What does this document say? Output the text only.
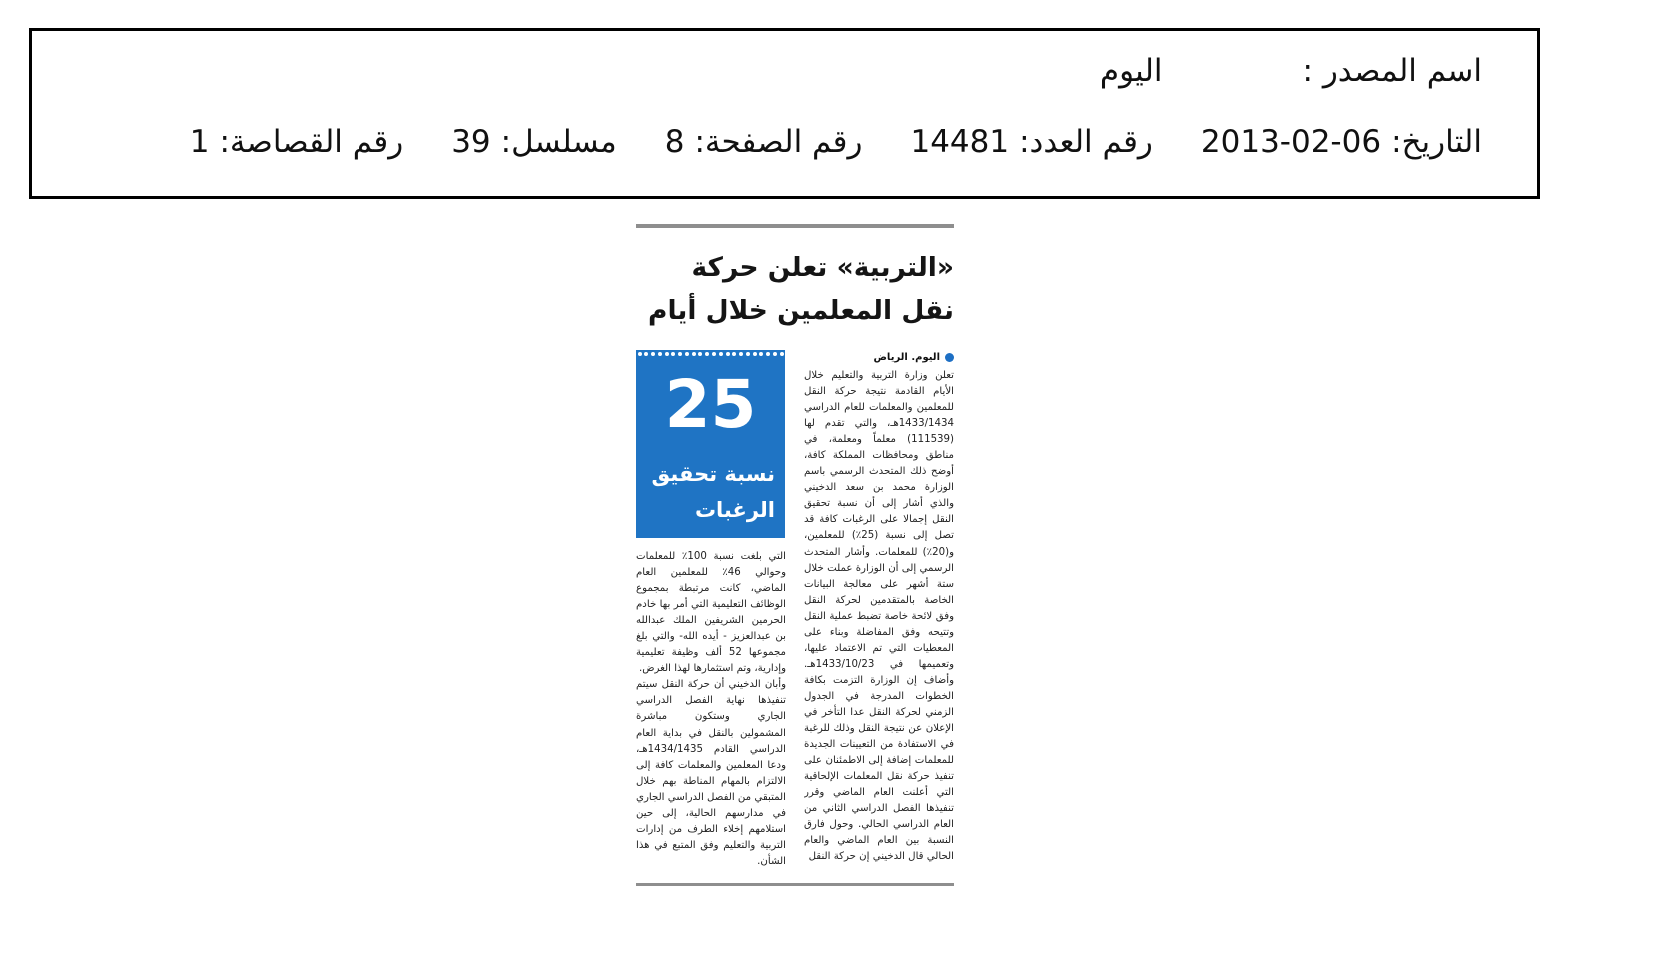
اسم المصدر :
اليوم
التاريخ:
2013-02-06
رقم العدد:
14481
رقم الصفحة:
8
مسلسل:
39
رقم القصاصة:
1
«التربية» تعلن حركة نقل المعلمين خلال أيام
اليوم. الرياض

تعلن وزارة التربية والتعليم خلال الأيام القادمة نتيجة حركة النقل للمعلمين والمعلمات للعام الدراسي 1433/1434هـ، والتي تقدم لها (111539) معلماً ومعلمة، في مناطق ومحافظات المملكة كافة، أوضح ذلك المتحدث الرسمي باسم الوزارة محمد بن سعد الدخيني والذي أشار إلى أن نسبة تحقيق النقل إجمالا على الرغبات كافة قد تصل إلى نسبة (25٪) للمعلمين، و(20٪) للمعلمات. وأشار المتحدث الرسمي إلى أن الوزارة عملت خلال ستة أشهر على معالجة البيانات الخاصة بالمتقدمين لحركة النقل وفق لائحة خاصة تضبط عملية النقل وتتيحه وفق المفاضلة وبناء على المعطيات التي تم الاعتماد عليها، وتعميمها في 1433/10/23هـ. وأضاف إن الوزارة التزمت بكافة الخطوات المدرجة في الجدول الزمني لحركة النقل عدا التأخر في الإعلان عن نتيجة النقل وذلك للرغبة في الاستفادة من التعيينات الجديدة للمعلمات إضافة إلى الاطمئنان على تنفيذ حركة نقل المعلمات الإلحاقية التي أعلنت العام الماضي وقرر تنفيذها الفصل الدراسي الثاني من العام الدراسي الحالي. وحول فارق النسبة بين العام الماضي والعام الحالي قال الدخيني إن حركة النقل

25
نسبة تحقيق الرغبات

التي بلغت نسبة 100٪ للمعلمات وحوالي 46٪ للمعلمين العام الماضي، كانت مرتبطة بمجموع الوظائف التعليمية التي أمر بها خادم الحرمين الشريفين الملك عبدالله بن عبدالعزيز - أيده الله- والتي بلغ مجموعها 52 ألف وظيفة تعليمية وإدارية، وتم استثمارها لهذا الغرض.

وأبان الدخيني أن حركة النقل سيتم تنفيذها نهاية الفصل الدراسي الجاري وستكون مباشرة المشمولين بالنقل في بداية العام الدراسي القادم 1434/1435هـ، ودعا المعلمين والمعلمات كافة إلى الالتزام بالمهام المناطة بهم خلال المتبقي من الفصل الدراسي الجاري في مدارسهم الحالية، إلى حين استلامهم إخلاء الطرف من إدارات التربية والتعليم وفق المتبع في هذا الشأن.
